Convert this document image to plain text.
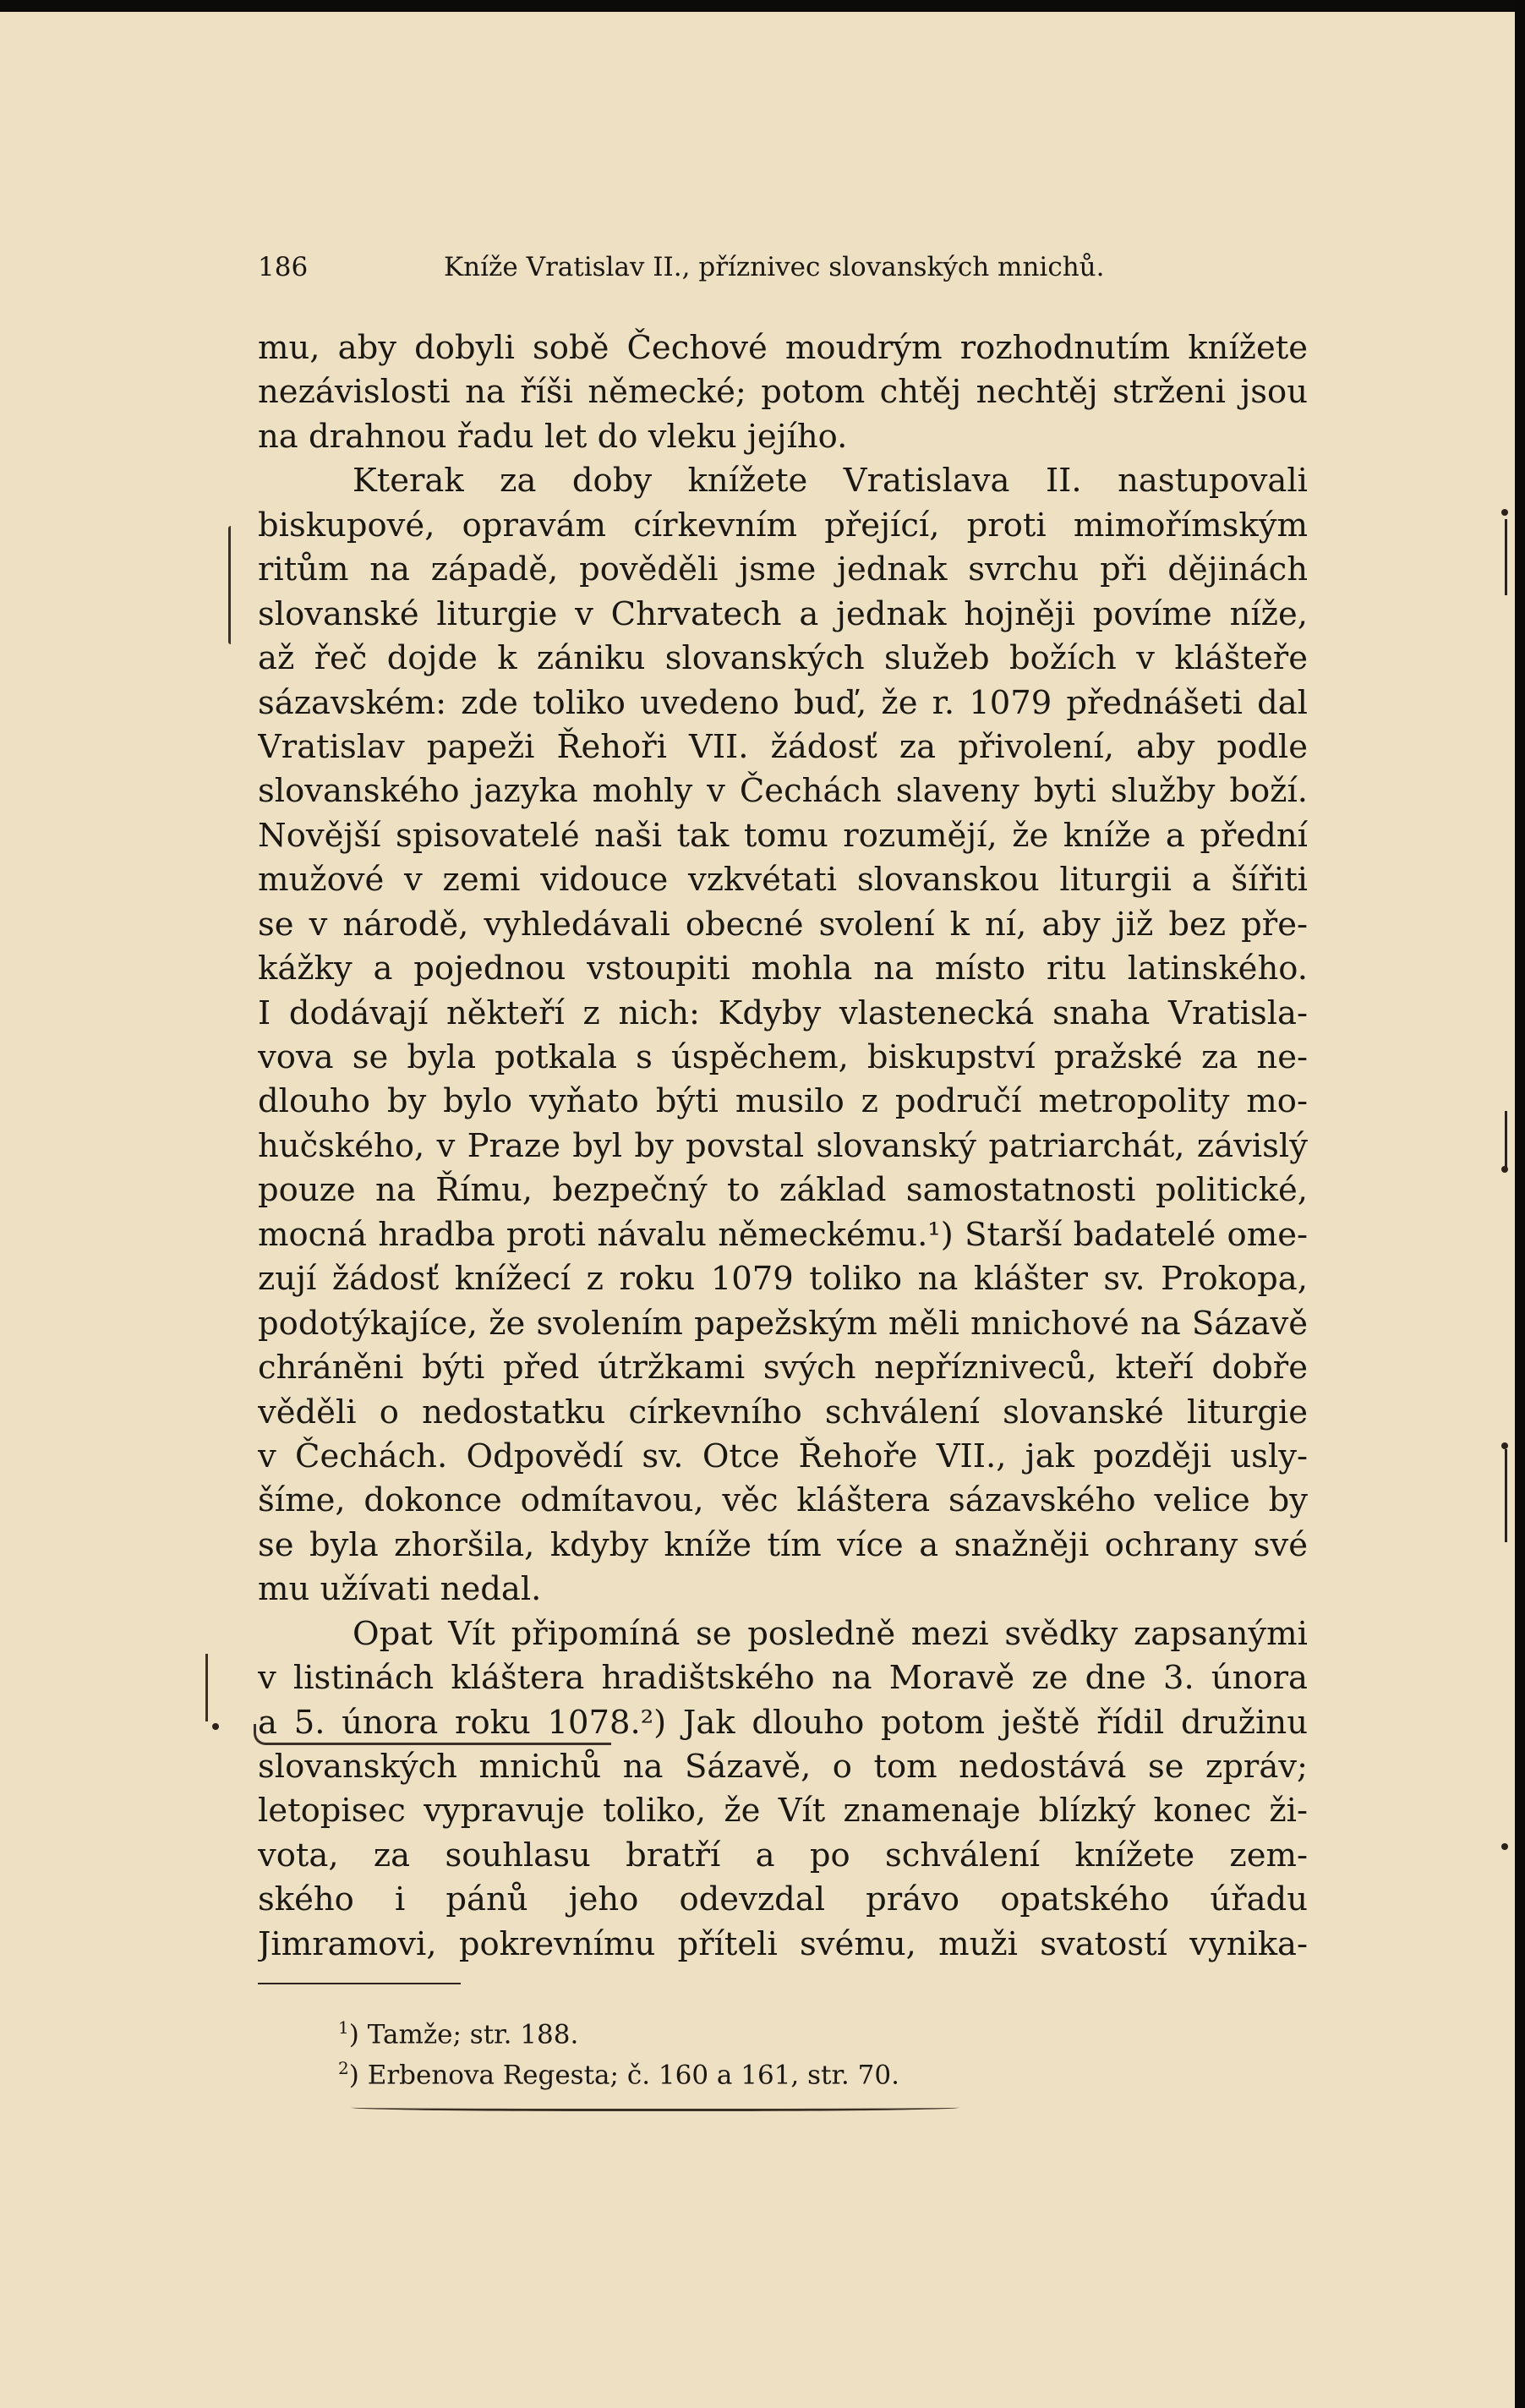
186	Kníže Vratislav II., příznivec slovanských mnichů.
mu, aby dobyli sobě Čechové moudrým rozhodnutím knížete
nezávislosti na říši německé; potom chtěj nechtěj strženi jsou
na drahnou řadu let do vleku jejího.
Kterak za doby knížete Vratislava II. nastupovali
biskupové, opravám církevním přející, proti mimořímským
ritům na západě, pověděli jsme jednak svrchu při dějinách
slovanské liturgie v Chrvatech a jednak hojněji povíme níže,
až řeč dojde k zániku slovanských služeb božích v klášteře
sázavském: zde toliko uvedeno buď, že r. 1079 přednášeti dal
Vratislav papeži Řehoři VII. žádosť za přivolení, aby podle
slovanského jazyka mohly v Čechách slaveny byti služby boží.
Novější spisovatelé naši tak tomu rozumějí, že kníže a přední
mužové v zemi vidouce vzkvétati slovanskou liturgii a šířiti
se v národě, vyhledávali obecné svolení k ní, aby již bez pře-
kážky a pojednou vstoupiti mohla na místo ritu latinského.
I dodávají někteří z nich: Kdyby vlastenecká snaha Vratisla-
vova se byla potkala s úspěchem, biskupství pražské za ne-
dlouho by bylo vyňato býti musilo z područí metropolity mo-
hučského, v Praze byl by povstal slovanský patriarchát, závislý
pouze na Římu, bezpečný to základ samostatnosti politické,
mocná hradba proti návalu německému.¹) Starší badatelé ome-
zují žádosť knížecí z roku 1079 toliko na klášter sv. Prokopa,
podotýkajíce, že svolením papežským měli mnichové na Sázavě
chráněni býti před útržkami svých nepřízniveců, kteří dobře
věděli o nedostatku církevního schválení slovanské liturgie
v Čechách. Odpovědí sv. Otce Řehoře VII., jak později usly-
šíme, dokonce odmítavou, věc kláštera sázavského velice by
se byla zhoršila, kdyby kníže tím více a snažněji ochrany své
mu užívati nedal.
Opat Vít připomíná se posledně mezi svědky zapsanými
v listinách kláštera hradištského na Moravě ze dne 3. února
a 5. února roku 1078.²) Jak dlouho potom ještě řídil družinu
slovanských mnichů na Sázavě, o tom nedostává se zpráv;
letopisec vypravuje toliko, že Vít znamenaje blízký konec ži-
vota, za souhlasu bratří a po schválení knížete zem-
ského i pánů jeho odevzdal právo opatského úřadu
Jimramovi, pokrevnímu příteli svému, muži svatostí vynika-
$^1$) Tamže; str. 188.
$^2$) Erbenova Regesta; č. 160 a 161, str. 70.
